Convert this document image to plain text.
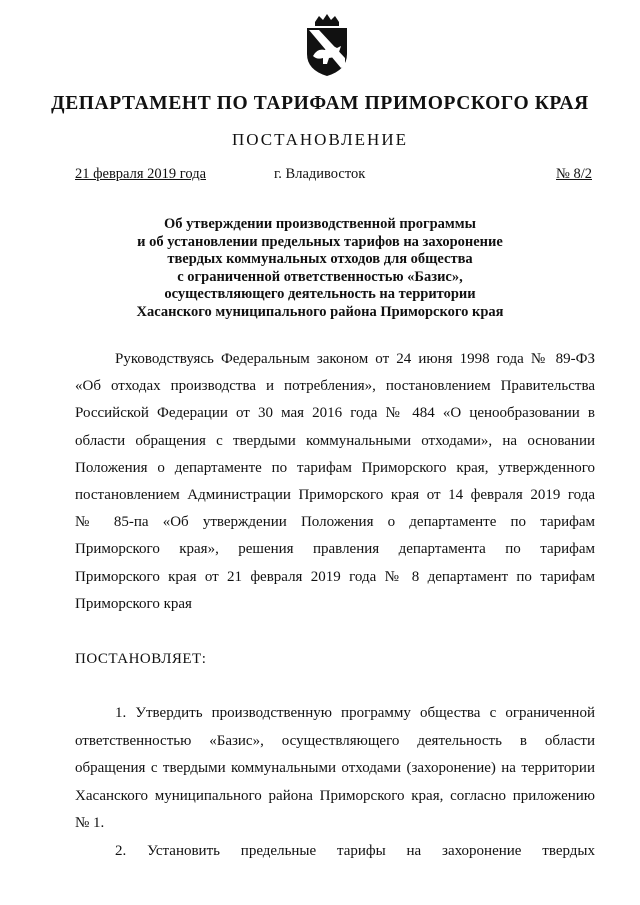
ДЕПАРТАМЕНТ ПО ТАРИФАМ ПРИМОРСКОГО КРАЯ
ПОСТАНОВЛЕНИЕ
21 февраля 2019 года	г. Владивосток	№ 8/2
Об утверждении производственной программы
и об установлении предельных тарифов на захоронение
твердых коммунальных отходов для общества
с ограниченной ответственностью «Базис»,
осуществляющего деятельность на территории
Хасанского муниципального района Приморского края
Руководствуясь Федеральным законом от 24 июня 1998 года № 89-ФЗ
«Об отходах производства и потребления», постановлением Правительства
Российской Федерации от 30 мая 2016 года № 484 «О ценообразовании в
области обращения с твердыми коммунальными отходами», на основании
Положения о департаменте по тарифам Приморского края, утвержденного
постановлением Администрации Приморского края от 14 февраля 2019 года
№ 85-па «Об утверждении Положения о департаменте по тарифам
Приморского края», решения правления департамента по тарифам
Приморского края от 21 февраля 2019 года № 8 департамент по тарифам
Приморского края
ПОСТАНОВЛЯЕТ:
1. Утвердить производственную программу общества с ограниченной
ответственностью «Базис», осуществляющего деятельность в области
обращения с твердыми коммунальными отходами (захоронение) на территории
Хасанского муниципального района Приморского края, согласно приложению
№ 1.
2. Установить предельные тарифы на захоронение твердых
